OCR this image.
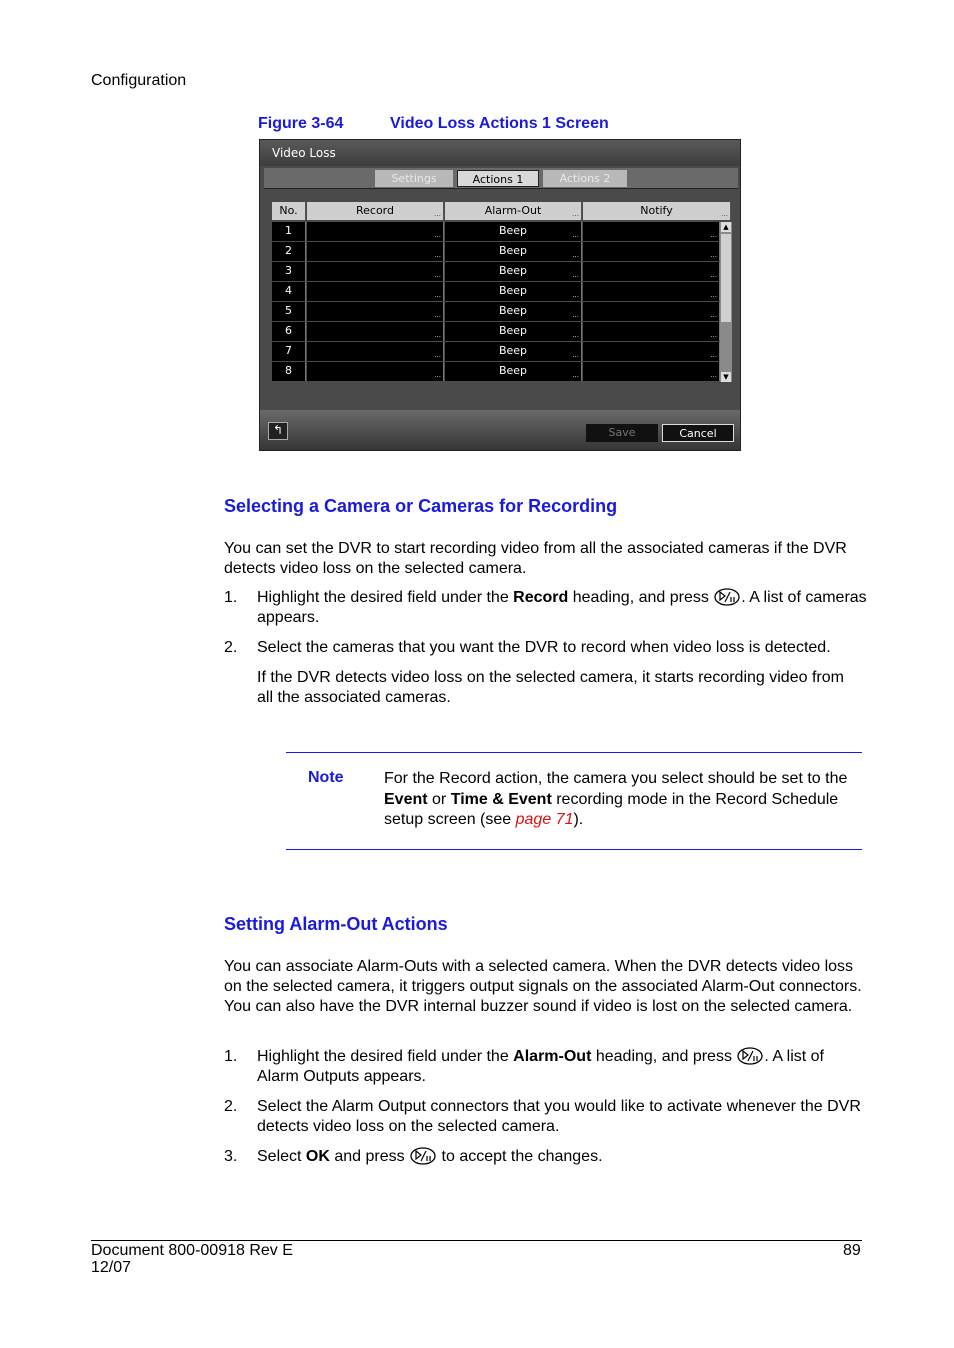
Configuration
Figure 3-64	Video Loss Actions 1 Screen
Video Loss
Settings	Actions 1	Actions 2
No.	Record	…	Alarm-Out	…	Notify	…
▲
▼
1	...	Beep	...	...
2	...	Beep	...	...
3	...	Beep	...	...
4	...	Beep	...	...
5	...	Beep	...	...
6	...	Beep	...	...
7	...	Beep	...	...
8	...	Beep	...	...
↰	Save	Cancel
Selecting a Camera or Cameras for Recording
You can set the DVR to start recording video from all the associated cameras if the DVR detects video loss on the selected camera.
1. Highlight the desired field under the Record heading, and press . A list of cameras appears.
2. Select the cameras that you want the DVR to record when video loss is detected.
If the DVR detects video loss on the selected camera, it starts recording video from all the associated cameras.
Note	For the Record action, the camera you select should be set to the Event or Time & Event recording mode in the Record Schedule setup screen (see page 71).
Setting Alarm-Out Actions
You can associate Alarm-Outs with a selected camera. When the DVR detects video loss on the selected camera, it triggers output signals on the associated Alarm-Out connectors. You can also have the DVR internal buzzer sound if video is lost on the selected camera.
1. Highlight the desired field under the Alarm-Out heading, and press . A list of Alarm Outputs appears.
2. Select the Alarm Output connectors that you would like to activate whenever the DVR detects video loss on the selected camera.
3. Select OK and press  to accept the changes.
Document 800-00918 Rev E
12/07
89
